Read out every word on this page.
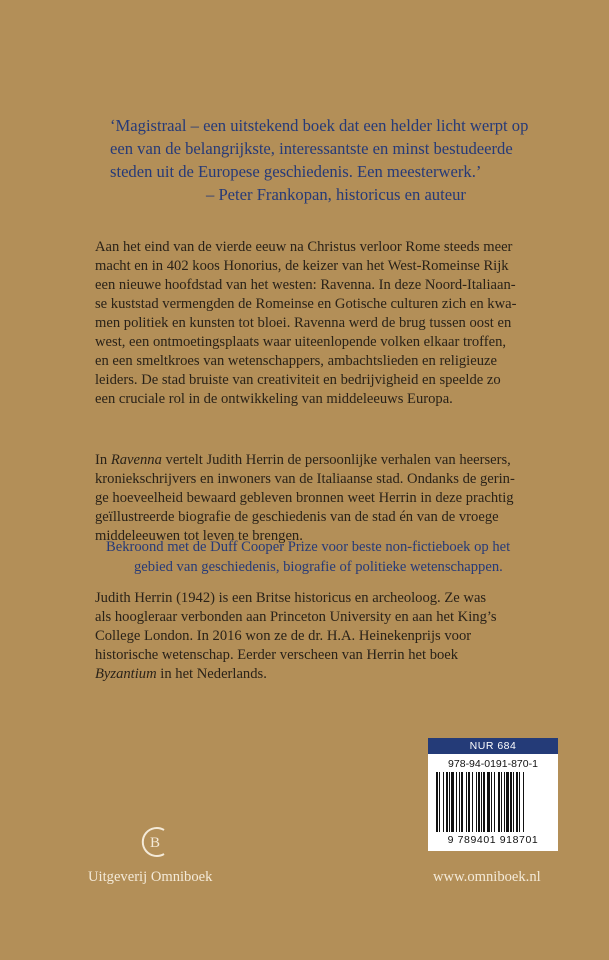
‘Magistraal – een uitstekend boek dat een helder licht werpt op
een van de belangrijkste, interessantste en minst bestudeerde
steden uit de Europese geschiedenis. Een meesterwerk.’
– Peter Frankopan, historicus en auteur
Aan het eind van de vierde eeuw na Christus verloor Rome steeds meer
macht en in 402 koos Honorius, de keizer van het West-Romeinse Rijk
een nieuwe hoofdstad van het westen: Ravenna. In deze Noord-Italiaan-
se kuststad vermengden de Romeinse en Gotische culturen zich en kwa-
men politiek en kunsten tot bloei. Ravenna werd de brug tussen oost en
west, een ontmoetingsplaats waar uiteenlopende volken elkaar troffen,
en een smeltkroes van wetenschappers, ambachtslieden en religieuze
leiders. De stad bruiste van creativiteit en bedrijvigheid en speelde zo
een cruciale rol in de ontwikkeling van middeleeuws Europa.
In Ravenna vertelt Judith Herrin de persoonlijke verhalen van heersers,
kroniekschrijvers en inwoners van de Italiaanse stad. Ondanks de gerin-
ge hoeveelheid bewaard gebleven bronnen weet Herrin in deze prachtig
geïllustreerde biografie de geschiedenis van de stad én van de vroege
middeleeuwen tot leven te brengen.
Bekroond met de Duff Cooper Prize voor beste non-fictieboek op het
gebied van geschiedenis, biografie of politieke wetenschappen.
Judith Herrin (1942) is een Britse historicus en archeoloog. Ze was
als hoogleraar verbonden aan Princeton University en aan het King’s
College London. In 2016 won ze de dr. H.A. Heinekenprijs voor
historische wetenschap. Eerder verscheen van Herrin het boek
Byzantium in het Nederlands.
NUR 684
978-94-0191-870-1
9 789401 918701
B
Uitgeverij Omniboek	www.omniboek.nl
